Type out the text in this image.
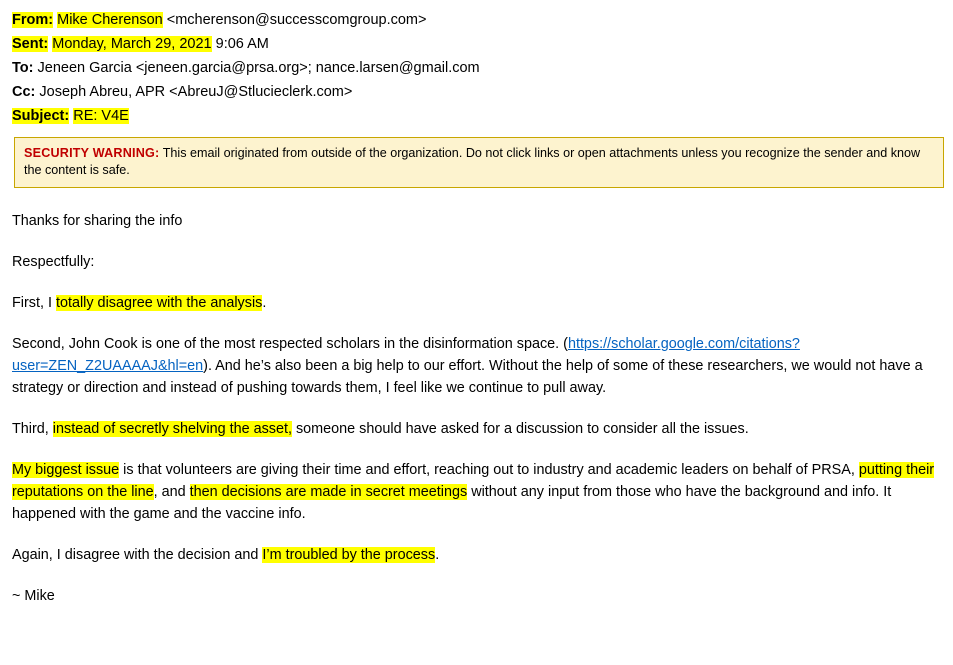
From: Mike Cherenson <mcherenson@successcomgroup.com>
Sent: Monday, March 29, 2021 9:06 AM
To: Jeneen Garcia <jeneen.garcia@prsa.org>; nance.larsen@gmail.com
Cc: Joseph Abreu, APR <AbreuJ@Stlucieclerk.com>
Subject: RE: V4E
SECURITY WARNING: This email originated from outside of the organization. Do not click links or open attachments unless you recognize the sender and know the content is safe.

Thanks for sharing the info

Respectfully:

First, I totally disagree with the analysis.

Second, John Cook is one of the most respected scholars in the disinformation space. (https://scholar.google.com/citations?user=ZEN_Z2UAAAAJ&hl=en). And he’s also been a big help to our effort. Without the help of some of these researchers, we would not have a strategy or direction and instead of pushing towards them, I feel like we continue to pull away.

Third, instead of secretly shelving the asset, someone should have asked for a discussion to consider all the issues.

My biggest issue is that volunteers are giving their time and effort, reaching out to industry and academic leaders on behalf of PRSA, putting their reputations on the line, and then decisions are made in secret meetings without any input from those who have the background and info. It happened with the game and the vaccine info.

Again, I disagree with the decision and I’m troubled by the process.

~ Mike
